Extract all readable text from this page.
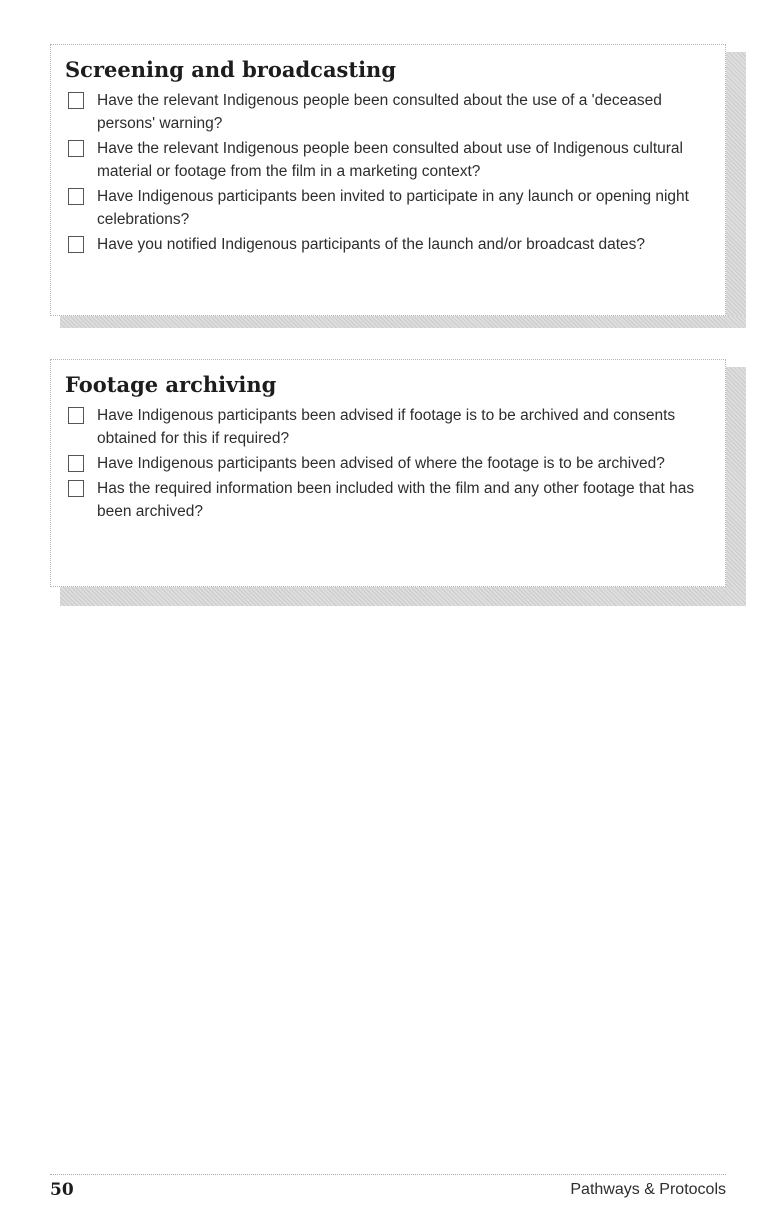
Screening and broadcasting
Have the relevant Indigenous people been consulted about the use of a 'deceased persons' warning?
Have the relevant Indigenous people been consulted about use of Indigenous cultural material or footage from the film in a marketing context?
Have Indigenous participants been invited to participate in any launch or opening night celebrations?
Have you notified Indigenous participants of the launch and/or broadcast dates?
Footage archiving
Have Indigenous participants been advised if footage is to be archived and consents obtained for this if required?
Have Indigenous participants been advised of where the footage is to be archived?
Has the required information been included with the film and any other footage that has been archived?
50	Pathways & Protocols
